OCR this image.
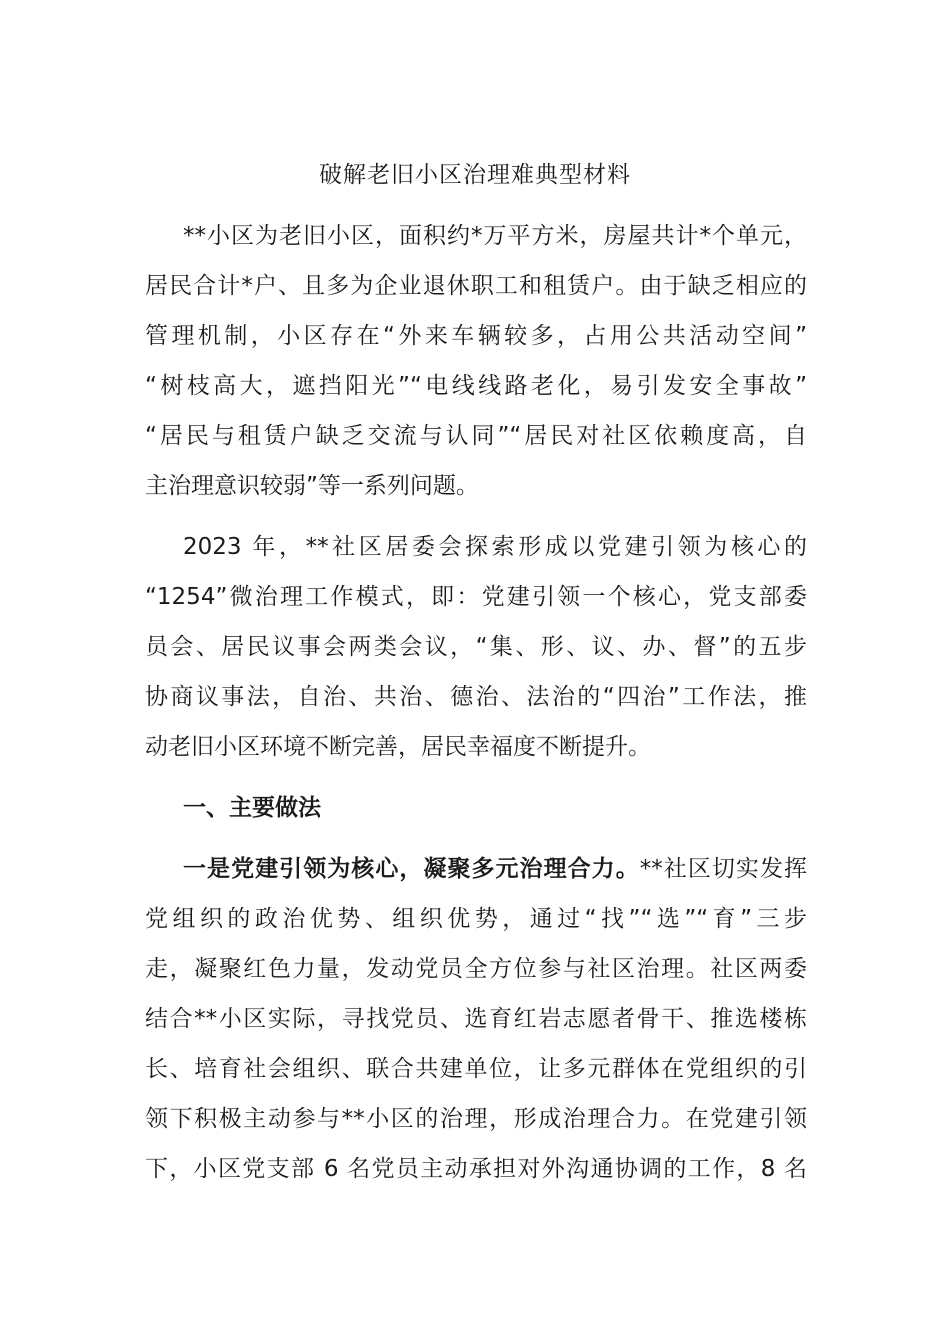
破解老旧小区治理难典型材料
**小区为老旧小区，面积约*万平方米，房屋共计*个单元，
居民合计*户、且多为企业退休职工和租赁户。由于缺乏相应的
管理机制，小区存在“外来车辆较多，占用公共活动空间”
“树枝高大，遮挡阳光”“电线线路老化，易引发安全事故”
“居民与租赁户缺乏交流与认同”“居民对社区依赖度高，自
主治理意识较弱”等一系列问题。
2023 年，**社区居委会探索形成以党建引领为核心的
“1254”微治理工作模式，即：党建引领一个核心，党支部委
员会、居民议事会两类会议，“集、形、议、办、督”的五步
协商议事法，自治、共治、德治、法治的“四治”工作法，推
动老旧小区环境不断完善，居民幸福度不断提升。
一、主要做法
一是党建引领为核心，凝聚多元治理合力。**社区切实发挥
党组织的政治优势、组织优势，通过“找”“选”“育”三步
走，凝聚红色力量，发动党员全方位参与社区治理。社区两委
结合**小区实际，寻找党员、选育红岩志愿者骨干、推选楼栋
长、培育社会组织、联合共建单位，让多元群体在党组织的引
领下积极主动参与**小区的治理，形成治理合力。在党建引领
下，小区党支部 6 名党员主动承担对外沟通协调的工作，8 名
